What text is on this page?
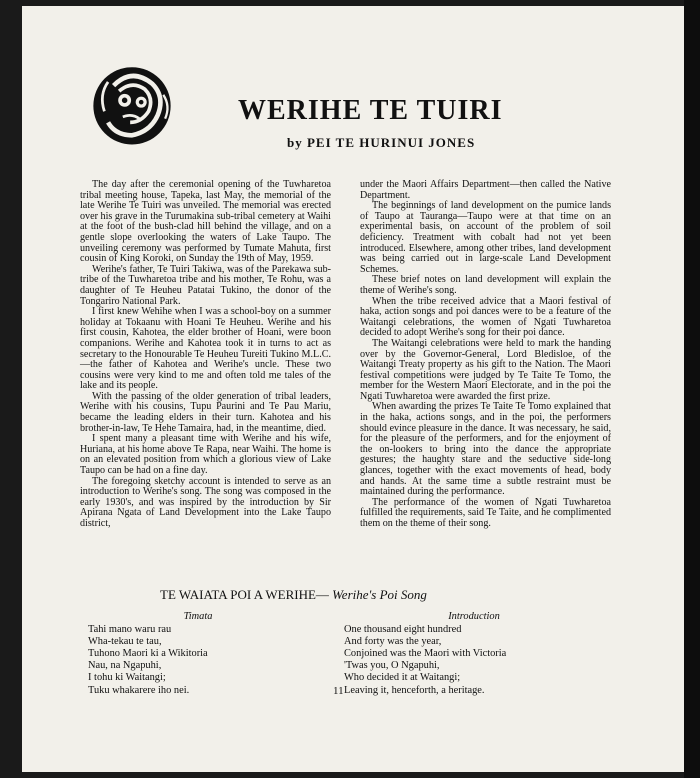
WERIHE TE TUIRI
by PEI TE HURINUI JONES

The day after the ceremonial opening of the Tuwharetoa tribal meeting house, Tapeka, last May, the memorial of the late Werihe Te Tuiri was unveiled. The memorial was erected over his grave in the Turumakina sub-tribal cemetery at Waihi at the foot of the bush-clad hill behind the village, and on a gentle slope overlooking the waters of Lake Taupo. The unveiling ceremony was performed by Tumate Mahuta, first cousin of King Koroki, on Sunday the 19th of May, 1959.

Werihe's father, Te Tuiri Takiwa, was of the Parekawa sub-tribe of the Tuwharetoa tribe and his mother, Te Rohu, was a daughter of Te Heuheu Patatai Tukino, the donor of the Tongariro National Park.

I first knew Wehihe when I was a school-boy on a summer holiday at Tokaanu with Hoani Te Heuheu. Werihe and his first cousin, Kahotea, the elder brother of Hoani, were boon companions. Werihe and Kahotea took it in turns to act as secretary to the Honourable Te Heuheu Tureiti Tukino M.L.C.—the father of Kahotea and Werihe's uncle. These two cousins were very kind to me and often told me tales of the lake and its people.

With the passing of the older generation of tribal leaders, Werihe with his cousins, Tupu Paurini and Te Pau Mariu, became the leading elders in their turn. Kahotea and his brother-in-law, Te Hehe Tamaira, had, in the meantime, died.

I spent many a pleasant time with Werihe and his wife, Huriana, at his home above Te Rapa, near Waihi. The home is on an elevated position from which a glorious view of Lake Taupo can be had on a fine day.

The foregoing sketchy account is intended to serve as an introduction to Werihe's song. The song was composed in the early 1930's, and was inspired by the introduction by Sir Apirana Ngata of Land Development into the Lake Taupo district,

under the Maori Affairs Department—then called the Native Department.

The beginnings of land development on the pumice lands of Taupo at Tauranga—Taupo were at that time on an experimental basis, on account of the problem of soil deficiency. Treatment with cobalt had not yet been introduced. Elsewhere, among other tribes, land development was being carried out in large-scale Land Development Schemes.

These brief notes on land development will explain the theme of Werihe's song.

When the tribe received advice that a Maori festival of haka, action songs and poi dances were to be a feature of the Waitangi celebrations, the women of Ngati Tuwharetoa decided to adopt Werihe's song for their poi dance.

The Waitangi celebrations were held to mark the handing over by the Governor-General, Lord Bledisloe, of the Waitangi Treaty property as his gift to the Nation. The Maori festival competitions were judged by Te Taite Te Tomo, the member for the Western Maori Electorate, and in the poi the Ngati Tuwharetoa were awarded the first prize.

When awarding the prizes Te Taite Te Tomo explained that in the haka, actions songs, and in the poi, the performers should evince pleasure in the dance. It was necessary, he said, for the pleasure of the performers, and for the enjoyment of the on-lookers to bring into the dance the appropriate gestures; the haughty stare and the seductive side-long glances, together with the exact movements of head, body and hands. At the same time a subtle restraint must be maintained during the performance.

The performance of the women of Ngati Tuwharetoa fulfilled the requirements, said Te Taite, and he complimented them on the theme of their song.

TE WAIATA POI A WERIHE— Werihe's Poi Song
Timata
Tahi mano waru rau
Wha-tekau te tau,
Tuhono Maori ki a Wikitoria
Nau, na Ngapuhi,
I tohu ki Waitangi;
Tuku whakarere iho nei.
Introduction
One thousand eight hundred
And forty was the year,
Conjoined was the Maori with Victoria
'Twas you, O Ngapuhi,
Who decided it at Waitangi;
Leaving it, henceforth, a heritage.
11
